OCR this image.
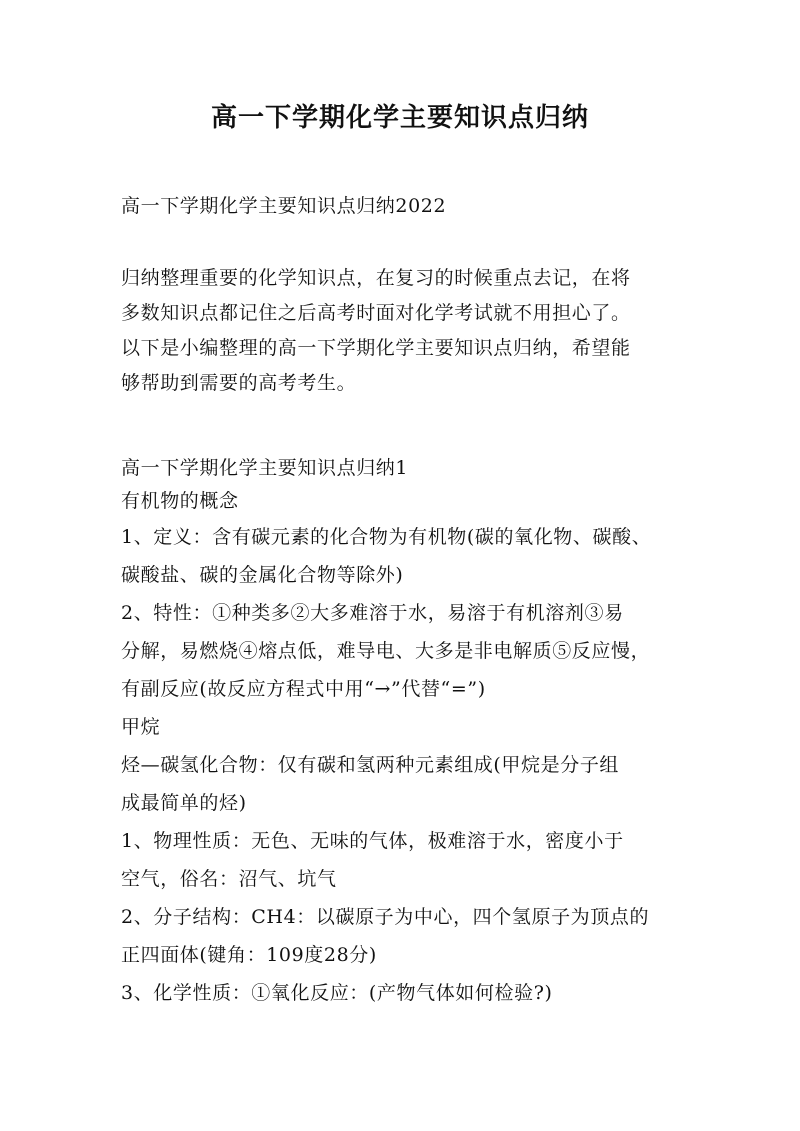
高一下学期化学主要知识点归纳
高一下学期化学主要知识点归纳2022
归纳整理重要的化学知识点，在复习的时候重点去记，在将
多数知识点都记住之后高考时面对化学考试就不用担心了。
以下是小编整理的高一下学期化学主要知识点归纳，希望能
够帮助到需要的高考考生。
高一下学期化学主要知识点归纳1
有机物的概念
1、定义：含有碳元素的化合物为有机物(碳的氧化物、碳酸、
碳酸盐、碳的金属化合物等除外)
2、特性：①种类多②大多难溶于水，易溶于有机溶剂③易
分解，易燃烧④熔点低，难导电、大多是非电解质⑤反应慢，
有副反应(故反应方程式中用“→”代替“=”)
甲烷
烃—碳氢化合物：仅有碳和氢两种元素组成(甲烷是分子组
成最简单的烃)
1、物理性质：无色、无味的气体，极难溶于水，密度小于
空气，俗名：沼气、坑气
2、分子结构：CH4：以碳原子为中心，四个氢原子为顶点的
正四面体(键角：109度28分)
3、化学性质：①氧化反应：(产物气体如何检验?)
